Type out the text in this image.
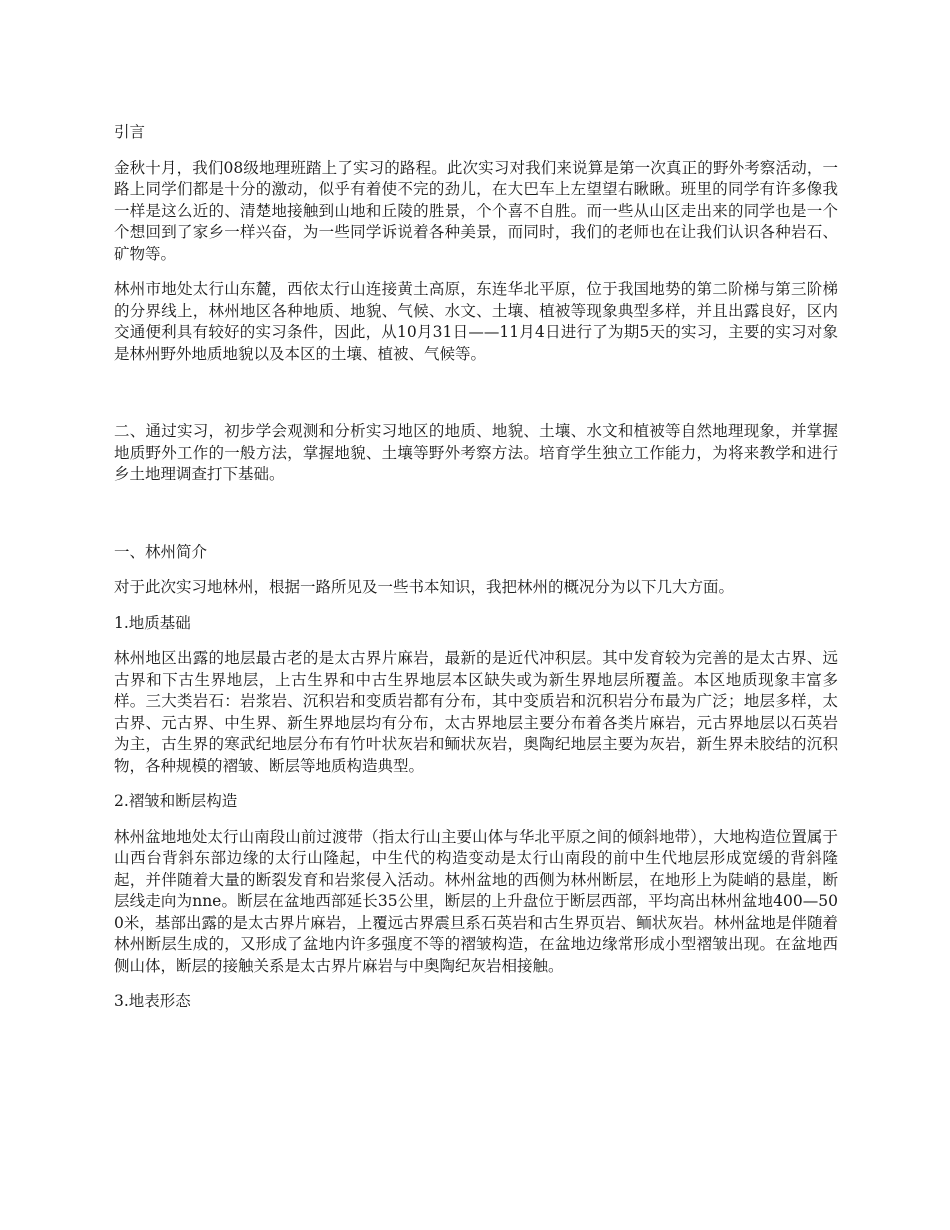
引言

金秋十月，我们08级地理班踏上了实习的路程。此次实习对我们来说算是第一次真正的野外考察活动，一路上同学们都是十分的激动，似乎有着使不完的劲儿，在大巴车上左望望右瞅瞅。班里的同学有许多像我一样是这么近的、清楚地接触到山地和丘陵的胜景，个个喜不自胜。而一些从山区走出来的同学也是一个个想回到了家乡一样兴奋，为一些同学诉说着各种美景，而同时，我们的老师也在让我们认识各种岩石、矿物等。

林州市地处太行山东麓，西依太行山连接黄土高原，东连华北平原，位于我国地势的第二阶梯与第三阶梯的分界线上，林州地区各种地质、地貌、气候、水文、土壤、植被等现象典型多样，并且出露良好，区内交通便利具有较好的实习条件，因此，从10月31日——11月4日进行了为期5天的实习，主要的实习对象是林州野外地质地貌以及本区的土壤、植被、气候等。

二、通过实习，初步学会观测和分析实习地区的地质、地貌、土壤、水文和植被等自然地理现象，并掌握地质野外工作的一般方法，掌握地貌、土壤等野外考察方法。培育学生独立工作能力，为将来教学和进行乡土地理调查打下基础。

一、林州简介

对于此次实习地林州，根据一路所见及一些书本知识，我把林州的概况分为以下几大方面。

1.地质基础

林州地区出露的地层最古老的是太古界片麻岩，最新的是近代冲积层。其中发育较为完善的是太古界、远古界和下古生界地层，上古生界和中古生界地层本区缺失或为新生界地层所覆盖。本区地质现象丰富多样。三大类岩石：岩浆岩、沉积岩和变质岩都有分布，其中变质岩和沉积岩分布最为广泛；地层多样，太古界、元古界、中生界、新生界地层均有分布，太古界地层主要分布着各类片麻岩，元古界地层以石英岩为主，古生界的寒武纪地层分布有竹叶状灰岩和鲕状灰岩，奥陶纪地层主要为灰岩，新生界未胶结的沉积物，各种规模的褶皱、断层等地质构造典型。

2.褶皱和断层构造

林州盆地地处太行山南段山前过渡带（指太行山主要山体与华北平原之间的倾斜地带），大地构造位置属于山西台背斜东部边缘的太行山隆起，中生代的构造变动是太行山南段的前中生代地层形成宽缓的背斜隆起，并伴随着大量的断裂发育和岩浆侵入活动。林州盆地的西侧为林州断层，在地形上为陡峭的悬崖，断层线走向为nne。断层在盆地西部延长35公里，断层的上升盘位于断层西部，平均高出林州盆地400—500米，基部出露的是太古界片麻岩，上覆远古界震旦系石英岩和古生界页岩、鲕状灰岩。林州盆地是伴随着林州断层生成的，又形成了盆地内许多强度不等的褶皱构造，在盆地边缘常形成小型褶皱出现。在盆地西侧山体，断层的接触关系是太古界片麻岩与中奥陶纪灰岩相接触。

3.地表形态
